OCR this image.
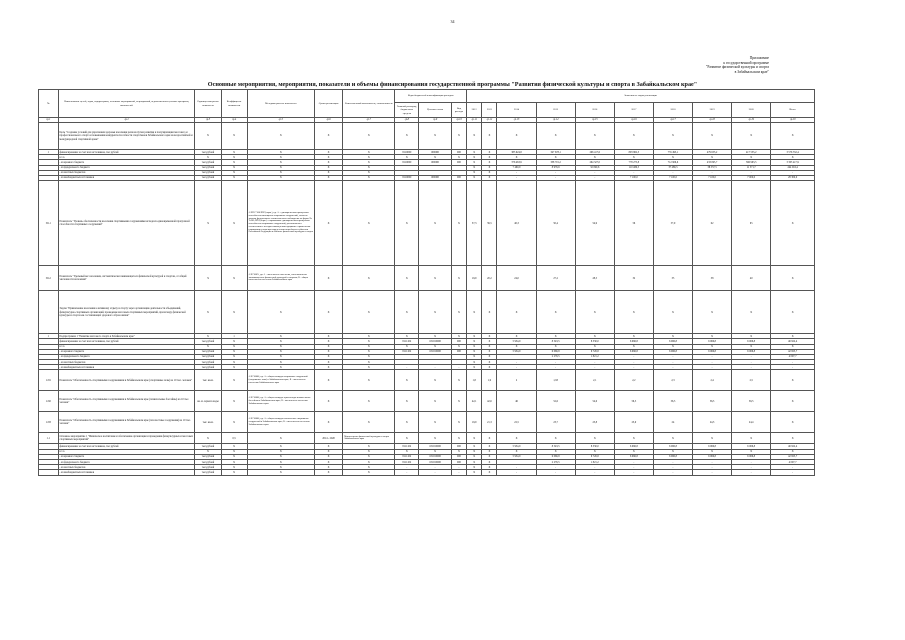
34
Приложение
к государственной программе
"Развитие физической культуры и спорта
в Забайкальском крае"
Основные мероприятия, мероприятия, показатели и объемы финансирования государственной программы "Развития физической культуры и спорта в Забайкальском крае"
№	Наименование целей, задач, подпрограмм, основных мероприятий, мероприятий, ведомственных целевых программ, показателей	Единица измерения показателя	Коэффициент значимости	Методика расчета показателя	Сроки реализации	Ответственный исполнитель, соисполнитель	Коды бюджетной классификации расходов			Значения по годам реализации									
							Главный распоряд. бюджетных средств	Целевая статья	Вид расхода	2012	2013	2014	2015	2016	2017	2018	2019	2020	Итого
гр.1	гр.2	гр.3	гр.4	гр.5	гр.6	гр.7	гр.8	гр.9	гр.10	гр.11	гр.12	гр.13	гр.14	гр.15	гр.16	гр.17	гр.18	гр.19	гр.20
	Цель "Создание условий для укрепления здоровья населения региона путем развития и популяризации массового и профессионального спорта и повышения конкурентоспособности спортсменов Забайкальского края на всероссийской и международной спортивной арене"	Х	Х	Х	Х	Х	Х	Х	Х	Х	Х	Х	Х	Х	Х	Х	Х	Х	Х
1	финансирование за счет всех источников, тыс рублей	тыс.рублей	Х	Х	Х	Х	8110000	000000	000	Х	Х	385 924,8	347 678,1	296 417,6	893 862,3	755 493,1	479 653,2	417 535,2	3 576 552,4
	в т.ч.	Х	Х	Х	Х	Х	Х	Х	Х	Х	Х	Х	Х	Х	Х	Х	Х	Х	Х
	- из краевого бюджета	тыс.рублей	Х	Х	Х	Х	8110000	000000	000	Х	Х	376 463,9	338 701,2	264 327,0	778 275,8	712 906,6	433 095,7	396 963,5	3 303 417,9
	- из федерального бюджета	тыс.рублей	Х	Х	Х	Х				Х	Х	7 460,9	8 976,9	32 090,6	110 486,5	37 486,5	38 557,5	11 571,7	244 016,4
	- из местных бюджетов	тыс.рублей	Х	Х	Х	Х				Х	Х	-	-	-	-	-	-	-	-
	- из внебюджетных источников	тыс.рублей	Х	Х	Х	Х	8110000	000000	000	Х	Х	-	-	-	7 100,0	7 100,0	7 100,0	7 000,0	28 300,0
П1.1	Показатель "Уровень обеспеченности населения спортивными сооружениями исходя из единовременной пропускной способности спортивных сооружений"	%	Х	А/ЕПС*100/ЕПС(норм.), где А - единовременная пропускная способность имеющихся спортивных сооружений, согласно данным федерального статистического наблюдения по форме № 1-ФК; ЕПС(норм.) - нормативная единовременная пропускная способность спортивных сооружений, рассчитанная в соответствии с методическими рекомендациями о применении нормативов и норм при определении потребности субъектов Российской Федерации в объектах физической культуры и спорта	Х	Х	Х	Х	Х	37,3	39,5	40,3	50,4	54,9	56	57,9	62	65	Х
П1.2	Показатель "Удельный вес населения, систематически занимающегося физической культурой и спортом, от общей численности населения"	%	Х	А/В*100%, где А - численность населения, систематически занимающегося физической культурой и спортом; В - общая численность населения Забайкальского края	Х	Х	Х	Х	Х	19,9	20,2	24,0	27,2	28,5	32	35	38	40	Х
	Задача "Привлечение населения к активному отдыху и спорту через организацию деятельности объединений, физкультурно-спортивных организаций, проведение массовых спортивных мероприятий, пропаганду физической культуры и спорта как составляющих здорового образа жизни"	Х	Х	Х	Х	Х	Х	Х	Х	Х	Х	Х	Х	Х	Х	Х	Х	Х	Х
1	Подпрограмма 1 "Развитие массового спорта в Забайкальском крае"	Х	1	Х	Х	Х	Х	Х	Х	Х	Х	Х	Х	Х	Х	Х	Х	Х	Х
	финансирование за счет всех источников, тыс рублей	тыс.рублей	Х	Х	Х	Х	8111102	181010000	000	Х	Х	5 934,9	8 543,5	8 330,0	6 066,8	6 066,8	6 066,8	6 066,8	46 922,4
	в т.ч.	Х	Х	Х	Х	Х	Х	Х	Х	Х	Х	Х	Х	Х	Х	Х	Х	Х	Х
	- из краевого бюджета	тыс.рублей	Х	Х	Х	Х	8111102	181010000	000	Х	Х	5 934,9	6 066,8	6 726,8	6 066,8	6 066,8	6 066,8	6 066,8	42 825,7
	- из федерального бюджета	тыс.рублей	Х	Х	Х	Х				Х	Х		2 276,5	1 821,2	-	-	-	-	4 097,7
	- из местных бюджетов	тыс.рублей	Х	Х	Х	Х				Х	Х	-	-	-	-	-	-	-	-
	- из внебюджетных источников	тыс.рублей	Х	Х	Х	Х	-	-	-	Х	Х	-	-	-	-	-	-	-	-
1.П1	Показатель "Обеспеченность спортивными сооружениями в Забайкальском крае (спортивные залы) на 10 тыс. человек"	тыс. кв.м.	Х	А/В*10000, где А - общая площадь спортивных сооружений (спортивные залы) в Забайкальском крае; В - численность населения Забайкальского края	Х	Х	Х	Х	Х	1,8	1,9	2	1,93	2,1	2,2	2,3	2,4	2,5	Х
1.П2	Показатель "Обеспеченность спортивными сооружениями в Забайкальском крае (плавательные бассейны) на 10 тыс. человек"	кв. м. зеркала воды	Х	А/В*10000, где А - общая площадь зеркала воды плавательных бассейнов в Забайкальском крае; В - численность населения Забайкальского края	Х	Х	Х	Х	Х	42,1	42,6	46	52,6	54,6	56,5	56,5	56,5	56,5	Х
1.П3	Показатель "Обеспеченность спортивными сооружениями в Забайкальском крае (плоскостные сооружения) на 10 тыс. человек"	тыс. кв.м.	Х	А/В*10000, где А - общая площадь плоскостных спортивных сооружений в Забайкальском крае; В - численность населения Забайкальского края	Х	Х	Х	Х	Х	19,9	21,3	22,5	23,7	23,8	23,9	24	24,3	24,4	Х
1.1	Основное мероприятие 1 "Физическое воспитание и обеспечение организации и проведения физкультурных и массовых спортивных мероприятий"	Х	0,5	Х	2014 - 2020	Министерство физической культуры и спорта Забайкальского края	Х	Х	Х	Х	Х	Х	Х	Х	Х	Х	Х	Х	Х
	финансирование за счет всех источников, тыс рублей	тыс.рублей	Х	Х	Х	Х	8111102	181010000	000	Х	Х	5 934,9	8 543,5	8 330,0	6 066,8	6 066,8	6 066,8	6 066,8	46 922,4
	в т.ч.	Х	Х	Х	Х	Х	Х	Х	Х	Х	Х	Х	Х	Х	Х	Х	Х	Х	Х
	- из краевого бюджета	тыс.рублей	Х	Х	Х	Х	8111102	181010000	000	Х	Х	5 934,9	6 066,8	6 726,8	6 066,8	6 066,8	6 066,8	6 066,8	42 825,7
	- из федерального бюджета	тыс.рублей	Х	Х	Х	Х	8111102	181010000	000	Х	Х		2 276,5	1 821,2	-	-	-	-	4 097,7
	- из местных бюджетов	тыс.рублей	Х	Х	Х	Х	-	-	-	Х	Х	-	-	-	-	-	-	-	-
	- из внебюджетных источников	тыс.рублей	Х	Х	Х	Х	-	-	-	Х	Х	-	-	-	-	-	-	-	-
